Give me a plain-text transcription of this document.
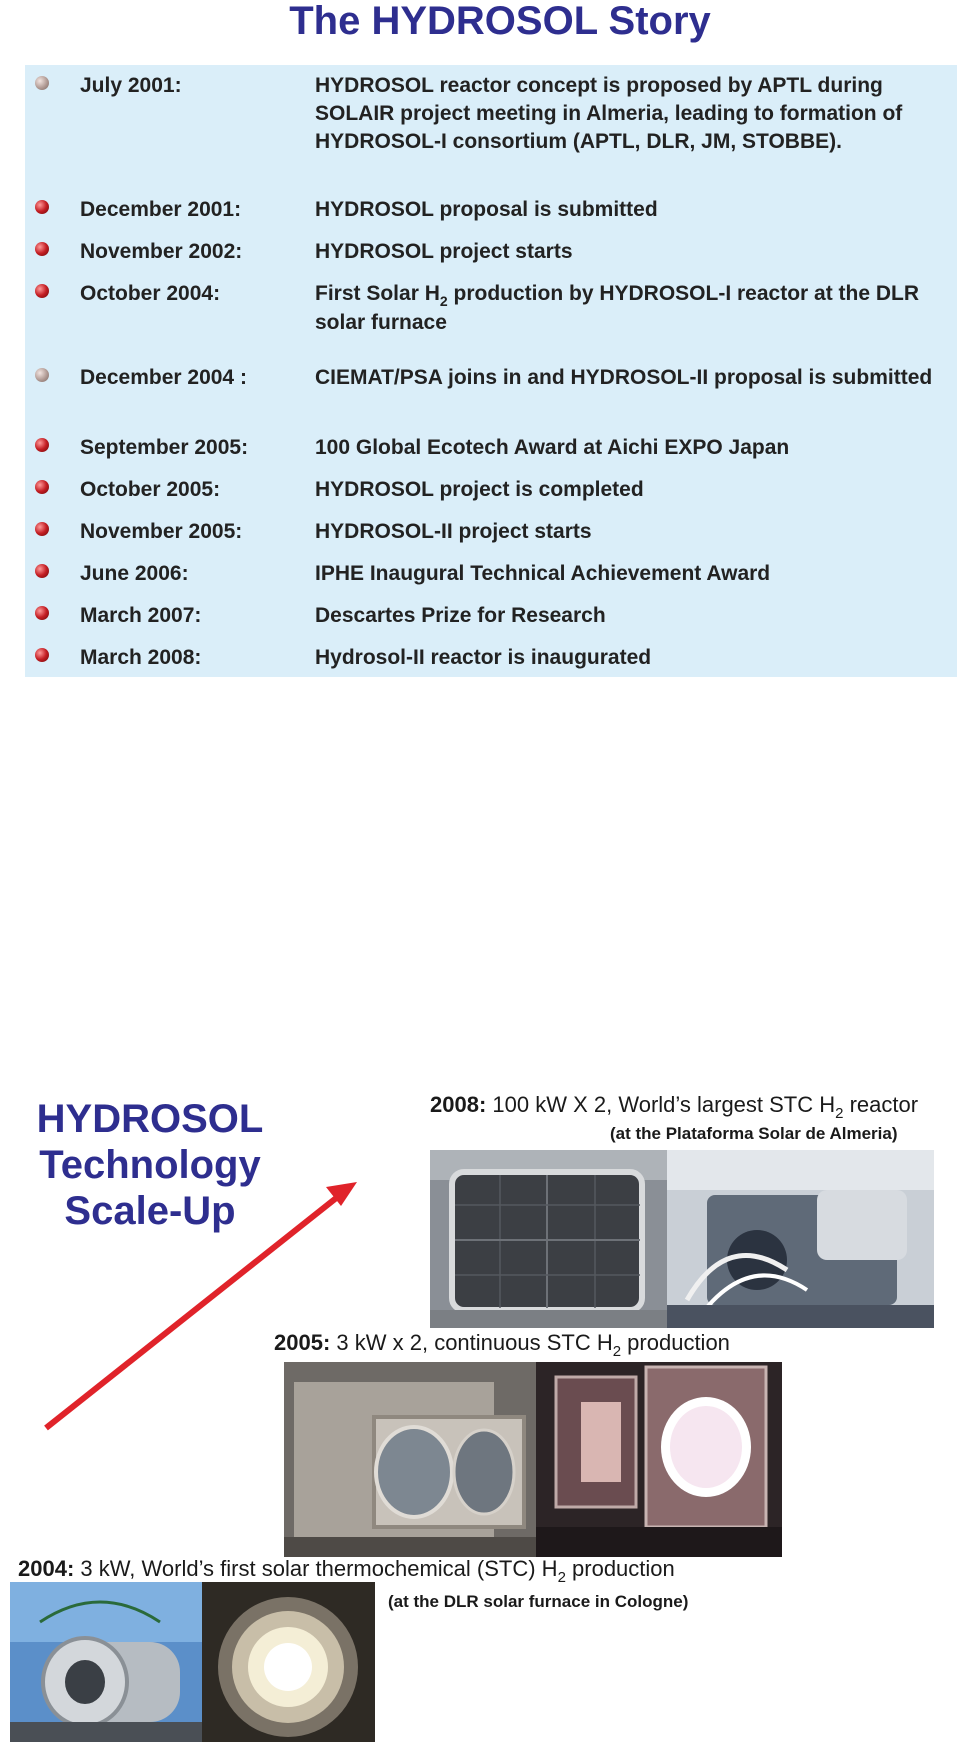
The HYDROSOL Story
July 2001:	HYDROSOL reactor concept is proposed by APTL during SOLAIR project meeting in Almeria, leading to formation of HYDROSOL-I consortium (APTL, DLR, JM, STOBBE).
December 2001:	HYDROSOL proposal is submitted
November 2002:	HYDROSOL project starts
October 2004:	First Solar $H_2$ production by HYDROSOL-I reactor at the DLR solar furnace
December 2004 :	CIEMAT/PSA joins in and HYDROSOL-II proposal is submitted
September 2005:	100 Global Ecotech Award at Aichi EXPO Japan
October 2005:	HYDROSOL project is completed
November 2005:	HYDROSOL-II project starts
June 2006:	IPHE Inaugural Technical Achievement Award
March 2007:	Descartes Prize for Research
March 2008:	Hydrosol-II reactor is inaugurated
HYDROSOL
Technology
Scale-Up
2008: 100 kW X 2, World’s largest STC $H_2$ reactor
(at the Plataforma Solar de Almeria)
2005: 3 kW x 2, continuous STC $H_2$ production
2004: 3 kW, World’s first solar thermochemical (STC) $H_2$ production
(at the DLR solar furnace in Cologne)
